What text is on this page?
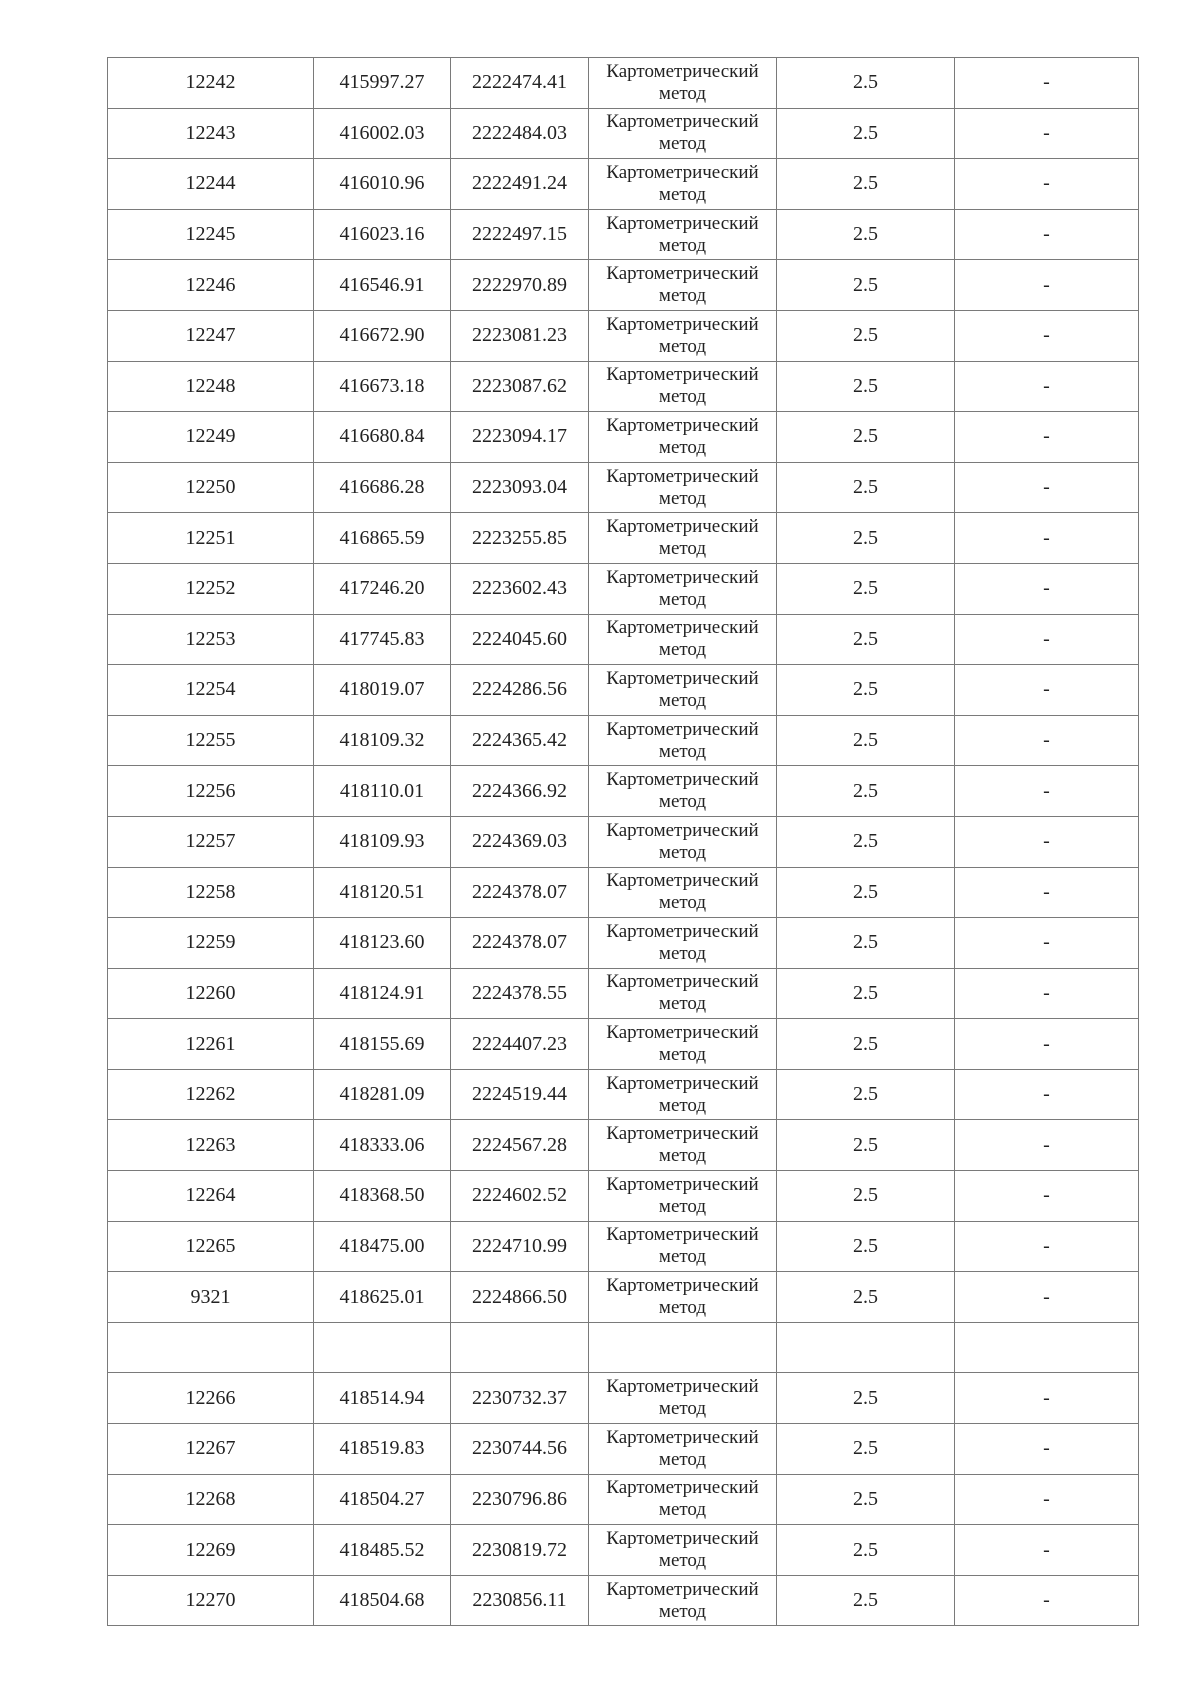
12242	415997.27	2222474.41	Картометрический метод	2.5	-
12243	416002.03	2222484.03	Картометрический метод	2.5	-
12244	416010.96	2222491.24	Картометрический метод	2.5	-
12245	416023.16	2222497.15	Картометрический метод	2.5	-
12246	416546.91	2222970.89	Картометрический метод	2.5	-
12247	416672.90	2223081.23	Картометрический метод	2.5	-
12248	416673.18	2223087.62	Картометрический метод	2.5	-
12249	416680.84	2223094.17	Картометрический метод	2.5	-
12250	416686.28	2223093.04	Картометрический метод	2.5	-
12251	416865.59	2223255.85	Картометрический метод	2.5	-
12252	417246.20	2223602.43	Картометрический метод	2.5	-
12253	417745.83	2224045.60	Картометрический метод	2.5	-
12254	418019.07	2224286.56	Картометрический метод	2.5	-
12255	418109.32	2224365.42	Картометрический метод	2.5	-
12256	418110.01	2224366.92	Картометрический метод	2.5	-
12257	418109.93	2224369.03	Картометрический метод	2.5	-
12258	418120.51	2224378.07	Картометрический метод	2.5	-
12259	418123.60	2224378.07	Картометрический метод	2.5	-
12260	418124.91	2224378.55	Картометрический метод	2.5	-
12261	418155.69	2224407.23	Картометрический метод	2.5	-
12262	418281.09	2224519.44	Картометрический метод	2.5	-
12263	418333.06	2224567.28	Картометрический метод	2.5	-
12264	418368.50	2224602.52	Картометрический метод	2.5	-
12265	418475.00	2224710.99	Картометрический метод	2.5	-
9321	418625.01	2224866.50	Картометрический метод	2.5	-

12266	418514.94	2230732.37	Картометрический метод	2.5	-
12267	418519.83	2230744.56	Картометрический метод	2.5	-
12268	418504.27	2230796.86	Картометрический метод	2.5	-
12269	418485.52	2230819.72	Картометрический метод	2.5	-
12270	418504.68	2230856.11	Картометрический метод	2.5	-
